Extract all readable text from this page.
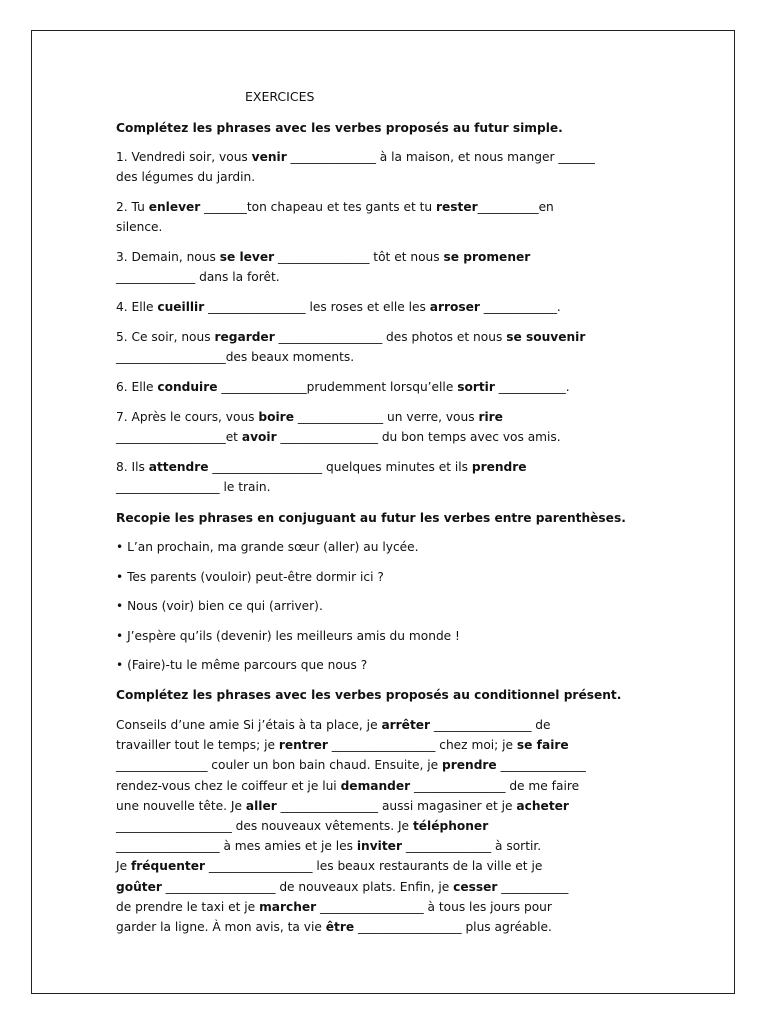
EXERCICES
Complétez les phrases avec les verbes proposés au futur simple.
1. Vendredi soir, vous venir ______________ à la maison, et nous manger ______
des légumes du jardin.
2. Tu enlever _______ton chapeau et tes gants et tu rester__________en
silence.
3. Demain, nous se lever _______________ tôt et nous se promener
_____________ dans la forêt.
4. Elle cueillir ________________ les roses et elle les arroser ____________.
5. Ce soir, nous regarder _________________ des photos et nous se souvenir
__________________des beaux moments.
6. Elle conduire ______________prudemment lorsqu’elle sortir ___________.
7. Après le cours, vous boire ______________ un verre, vous rire
__________________et avoir ________________ du bon temps avec vos amis.
8. Ils attendre __________________ quelques minutes et ils prendre
_________________ le train.
Recopie les phrases en conjuguant au futur les verbes entre parenthèses.
• L’an prochain, ma grande sœur (aller) au lycée.
• Tes parents (vouloir) peut-être dormir ici ?
• Nous (voir) bien ce qui (arriver).
• J’espère qu’ils (devenir) les meilleurs amis du monde !
• (Faire)-tu le même parcours que nous ?
Complétez les phrases avec les verbes proposés au conditionnel présent.
Conseils d’une amie Si j’étais à ta place, je arrêter ________________ de
travailler tout le temps; je rentrer _________________ chez moi; je se faire
_______________ couler un bon bain chaud. Ensuite, je prendre ______________
rendez-vous chez le coiffeur et je lui demander _______________ de me faire
une nouvelle tête. Je aller ________________ aussi magasiner et je acheter
___________________ des nouveaux vêtements. Je téléphoner
_________________ à mes amies et je les inviter ______________ à sortir.
Je fréquenter _________________ les beaux restaurants de la ville et je
goûter __________________ de nouveaux plats. Enfin, je cesser ___________
de prendre le taxi et je marcher _________________ à tous les jours pour
garder la ligne. À mon avis, ta vie être _________________ plus agréable.
